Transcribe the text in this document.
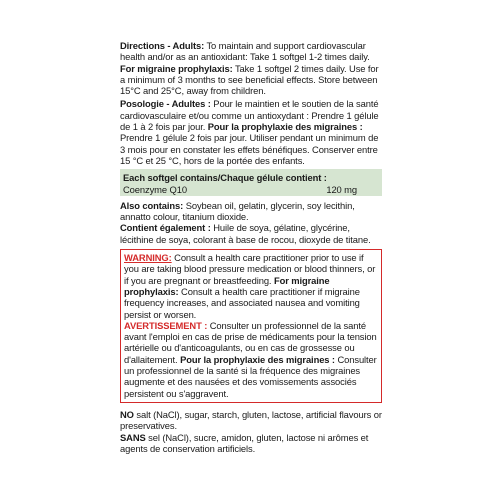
Directions - Adults: To maintain and support cardiovascular health and/or as an antioxidant: Take 1 softgel 1-2 times daily. For migraine prophylaxis: Take 1 softgel 2 times daily. Use for a minimum of 3 months to see beneficial effects. Store between 15°C and 25°C, away from children.

Posologie - Adultes : Pour le maintien et le soutien de la santé cardiovasculaire et/ou comme un antioxydant : Prendre 1 gélule de 1 à 2 fois par jour. Pour la prophylaxie des migraines : Prendre 1 gélule 2 fois par jour. Utiliser pendant un minimum de 3 mois pour en constater les effets bénéfiques. Conserver entre 15 °C et 25 °C, hors de la portée des enfants.

Each softgel contains/Chaque gélule contient :
Coenzyme Q10	120 mg

Also contains: Soybean oil, gelatin, glycerin, soy lecithin, annatto colour, titanium dioxide.

Contient également : Huile de soya, gélatine, glycérine, lécithine de soya, colorant à base de rocou, dioxyde de titane.

WARNING: Consult a health care practitioner prior to use if you are taking blood pressure medication or blood thinners, or if you are pregnant or breastfeeding. For migraine prophylaxis: Consult a health care practitioner if migraine frequency increases, and associated nausea and vomiting persist or worsen.

AVERTISSEMENT : Consulter un professionnel de la santé avant l'emploi en cas de prise de médicaments pour la tension artérielle ou d'anticoagulants, ou en cas de grossesse ou d'allaitement. Pour la prophylaxie des migraines : Consulter un professionnel de la santé si la fréquence des migraines augmente et des nausées et des vomissements associés persistent ou s'aggravent.

NO salt (NaCl), sugar, starch, gluten, lactose, artificial flavours or preservatives.

SANS sel (NaCl), sucre, amidon, gluten, lactose ni arômes et agents de conservation artificiels.
